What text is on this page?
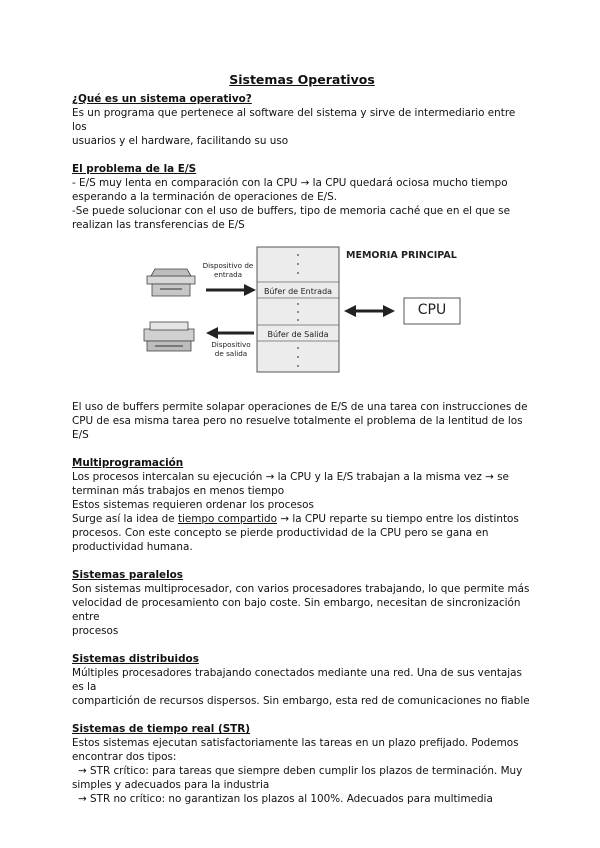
Sistemas Operativos

¿Qué es un sistema operativo?

Es un programa que pertenece al software del sistema y sirve de intermediario entre los

usuarios y el hardware, facilitando su uso

El problema de la E/S

- E/S muy lenta en comparación con la CPU → la CPU quedará ociosa mucho tiempo

esperando a la terminación de operaciones de E/S.

-Se puede solucionar con el uso de buffers, tipo de memoria caché que en el que se

realizan las transferencias de E/S

MEMORIA PRINCIPAL
Dispositivo de entrada
Dispositivo de salida
Búfer de Entrada
Búfer de Salida
CPU

El uso de buffers permite solapar operaciones de E/S de una tarea con instrucciones de

CPU de esa misma tarea pero no resuelve totalmente el problema de la lentitud de los E/S

Multiprogramación

Los procesos intercalan su ejecución → la CPU y la E/S trabajan a la misma vez → se

terminan más trabajos en menos tiempo

Estos sistemas requieren ordenar los procesos

Surge así la idea de tiempo compartido → la CPU reparte su tiempo entre los distintos

procesos. Con este concepto se pierde productividad de la CPU pero se gana en

productividad humana.

Sistemas paralelos

Son sistemas multiprocesador, con varios procesadores trabajando, lo que permite más

velocidad de procesamiento con bajo coste. Sin embargo, necesitan de sincronización entre

procesos

Sistemas distribuidos

Múltiples procesadores trabajando conectados mediante una red. Una de sus ventajas es la

compartición de recursos dispersos. Sin embargo, esta red de comunicaciones no fiable

Sistemas de tiempo real (STR)

Estos sistemas ejecutan satisfactoriamente las tareas en un plazo prefijado. Podemos

encontrar dos tipos:

→ STR crítico: para tareas que siempre deben cumplir los plazos de terminación. Muy

simples y adecuados para la industria

→ STR no crítico: no garantizan los plazos al 100%. Adecuados para multimedia
